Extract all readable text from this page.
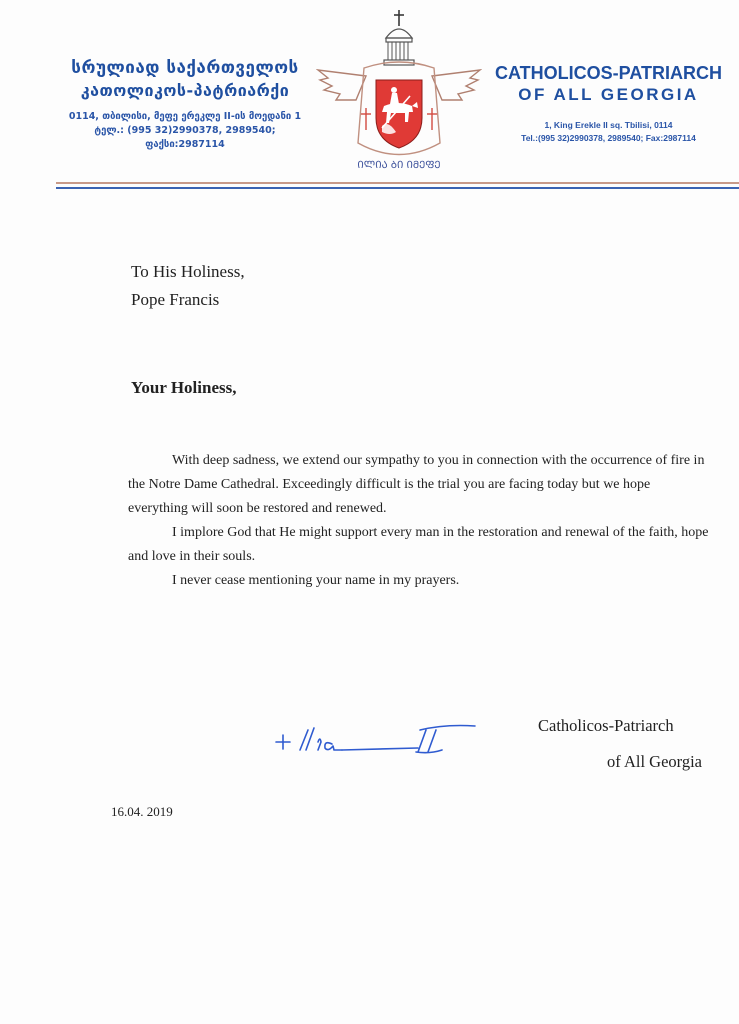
სრულიად საქართველოს
კათოლიკოს-პატრიარქი
0114, თბილისი, მეფე ერეკლე II-ის მოედანი 1
ტელ.: (995 32)2990378, 2989540; ფაქსი:2987114
ᲘᲚᲘᲐ ᲑᲘ ᲘᲛᲔᲤᲔ
CATHOLICOS-PATRIARCH
OF ALL GEORGIA
1, King Erekle II sq. Tbilisi, 0114
Tel.:(995 32)2990378, 2989540; Fax:2987114
To His Holiness,
Pope Francis
Your Holiness,

With deep sadness, we extend our sympathy to you in connection with the occurrence of fire in the Notre Dame Cathedral. Exceedingly difficult is the trial you are facing today but we hope everything will soon be restored and renewed.

I implore God that He might support every man in the restoration and renewal of the faith, hope and love in their souls.

I never cease mentioning your name in my prayers.

Catholicos-Patriarch
of All Georgia
16.04. 2019
